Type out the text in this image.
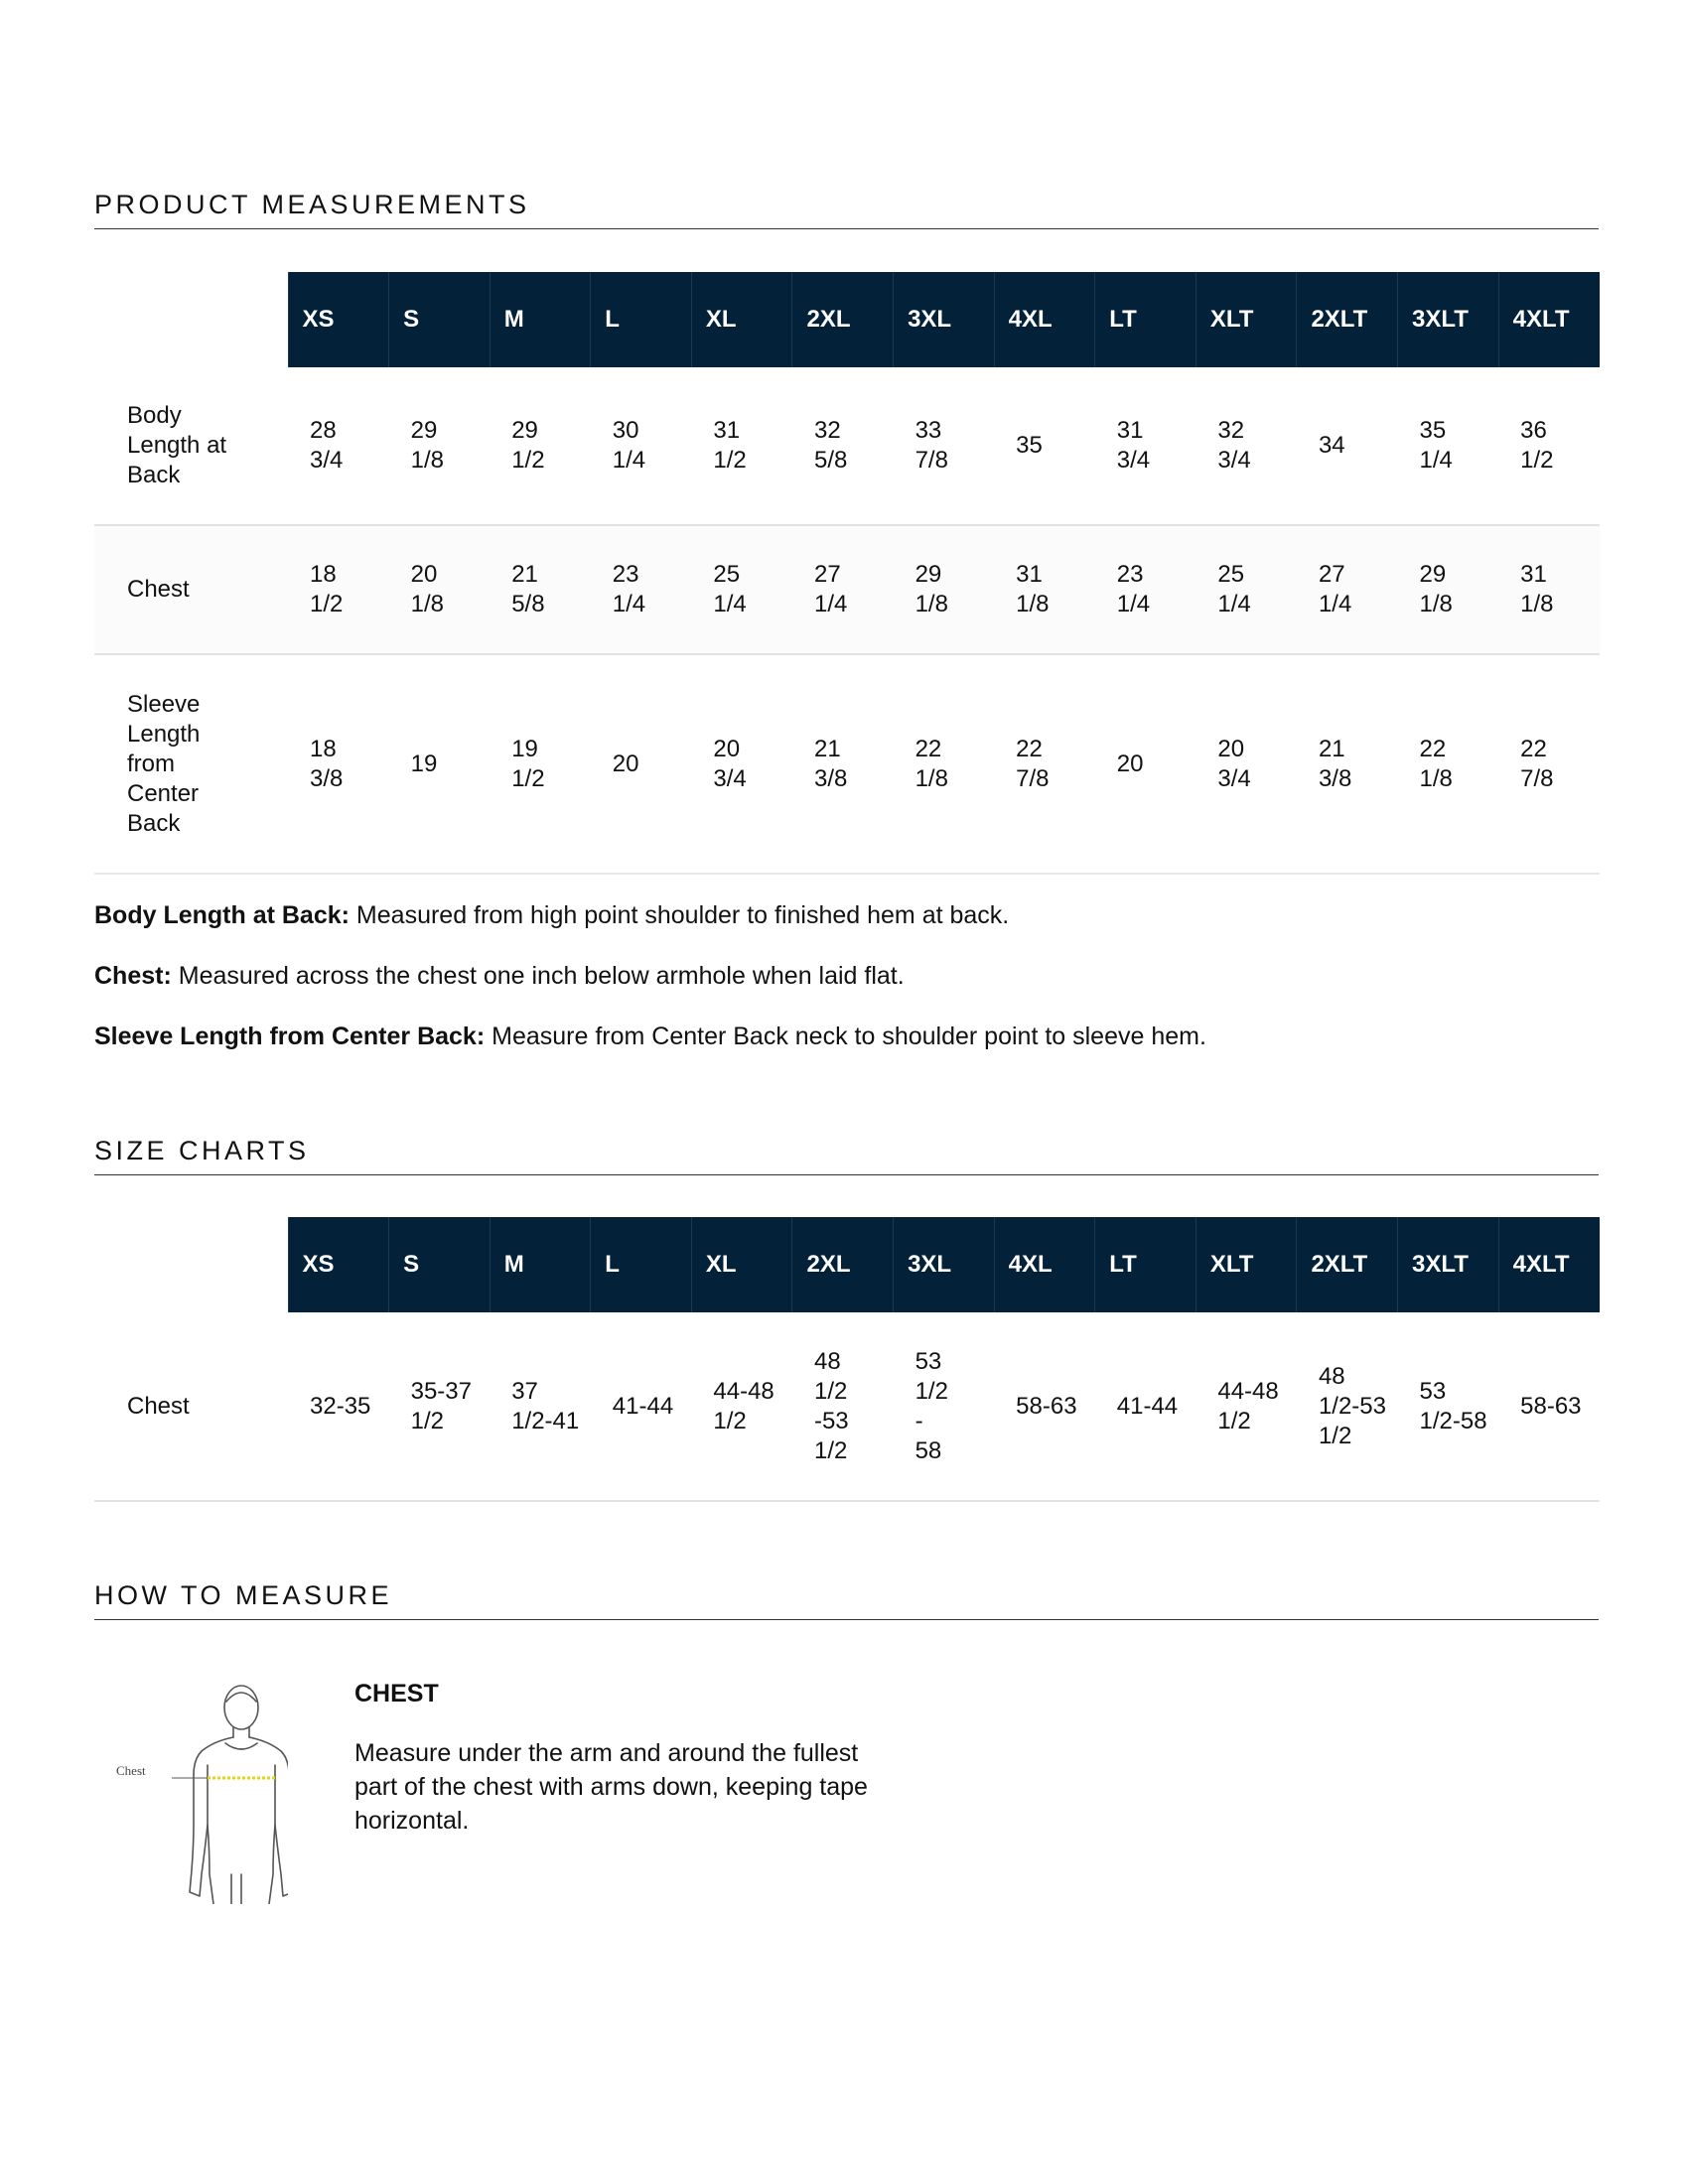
PRODUCT MEASUREMENTS
	XS	S	M	L	XL	2XL	3XL	4XL	LT	XLT	2XLT	3XLT	4XLT

Body Length at Back	28 3/4	29 1/8	29 1/2	30 1/4	31 1/2	32 5/8	33 7/8	35	31 3/4	32 3/4	34	35 1/4	36 1/2

Chest	18 1/2	20 1/8	21 5/8	23 1/4	25 1/4	27 1/4	29 1/8	31 1/8	23 1/4	25 1/4	27 1/4	29 1/8	31 1/8

Sleeve Length from Center Back	18 3/8	19	19 1/2	20	20 3/4	21 3/8	22 1/8	22 7/8	20	20 3/4	21 3/8	22 1/8	22 7/8

Body Length at Back: Measured from high point shoulder to finished hem at back.

Chest: Measured across the chest one inch below armhole when laid flat.

Sleeve Length from Center Back: Measure from Center Back neck to shoulder point to sleeve hem.

SIZE CHARTS
	XS	S	M	L	XL	2XL	3XL	4XL	LT	XLT	2XLT	3XLT	4XLT
Chest	32-35	35-37 1/2	37 1/2-41	41-44	44-48 1/2	48 1/2 -53 1/2	53 1/2 - 58	58-63	41-44	44-48 1/2	48 1/2-53 1/2	53 1/2-58	58-63
HOW TO MEASURE
Chest

CHEST

Measure under the arm and around the fullest part of the chest with arms down, keeping tape horizontal.
